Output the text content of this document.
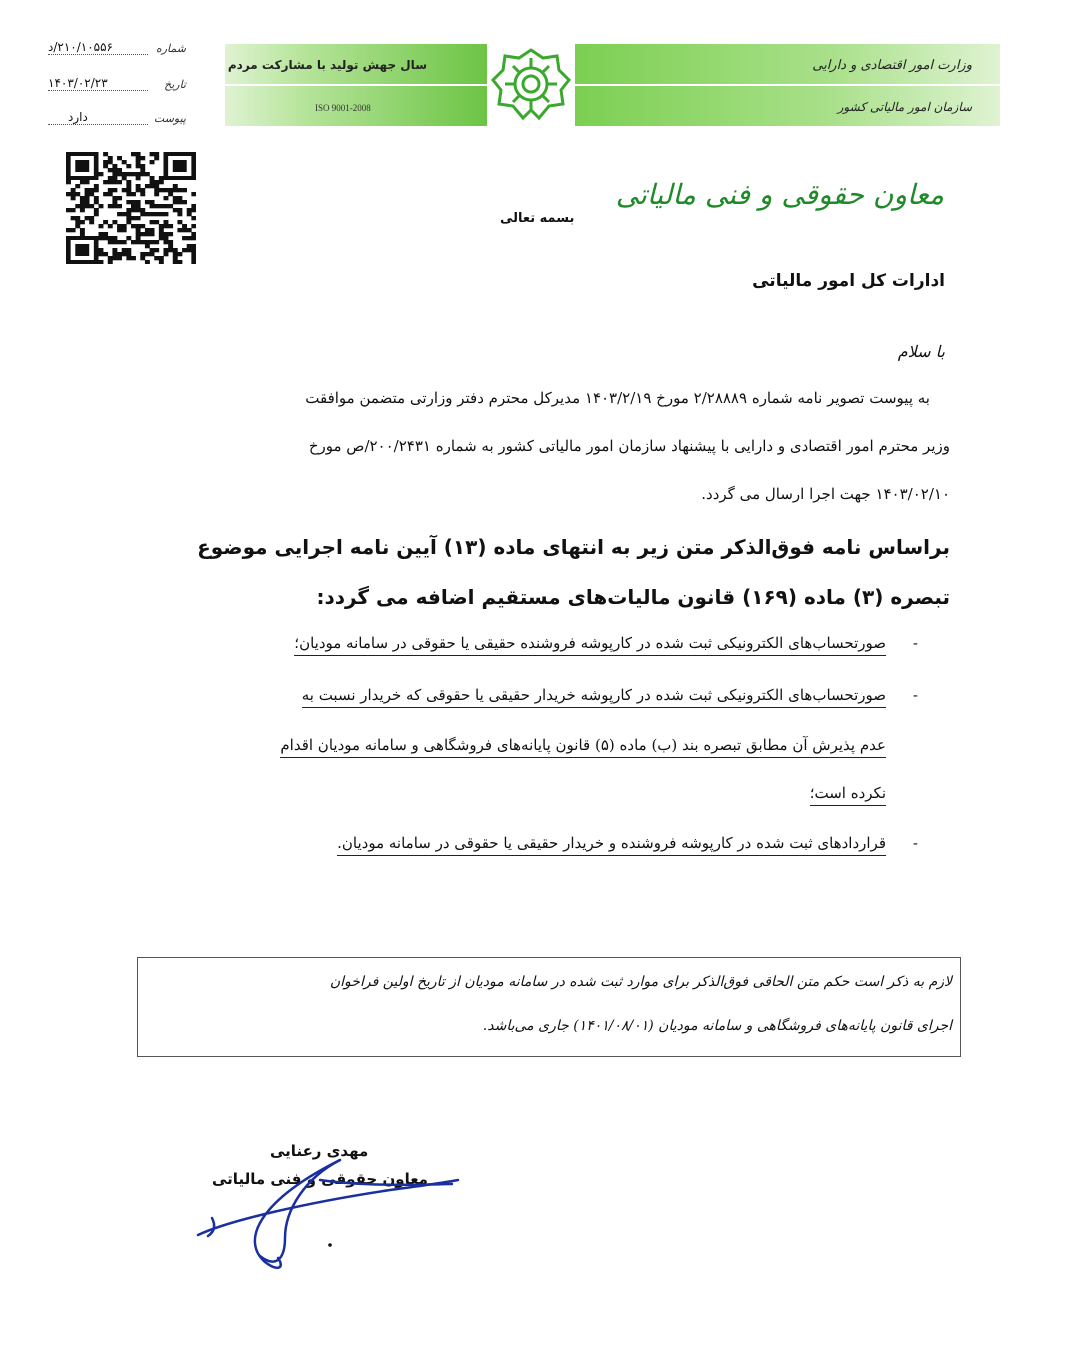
وزارت امور اقتصادی و دارایی
سازمان امور مالیاتی کشور
سال جهش تولید با مشارکت مردم
ISO 9001-2008
شماره
۲۱۰/۱۰۵۵۶/د
تاریخ
۱۴۰۳/۰۲/۲۳
پیوست
دارد
معاون حقوقی و فنی مالیاتی
بسمه تعالی
ادارات کل امور مالیاتی
با سلام
به پیوست تصویر نامه شماره ۲/۲۸۸۸۹ مورخ ۱۴۰۳/۲/۱۹ مدیرکل محترم دفتر وزارتی متضمن موافقت
وزیر محترم امور اقتصادی و دارایی با پیشنهاد سازمان امور مالیاتی کشور به شماره ۲۰۰/۲۴۳۱/ص مورخ
۱۴۰۳/۰۲/۱۰ جهت اجرا ارسال می گردد.
براساس نامه فوق‌الذکر متن زیر به انتهای ماده (۱۳) آیین نامه اجرایی موضوع
تبصره (۳) ماده (۱۶۹) قانون مالیات‌های مستقیم اضافه می گردد:
-
صورتحساب‌های الکترونیکی ثبت شده در کارپوشه فروشنده حقیقی یا حقوقی در سامانه مودیان؛
-
صورتحساب‌های الکترونیکی ثبت شده در کارپوشه خریدار حقیقی یا حقوقی که خریدار نسبت به
عدم پذیرش آن مطابق تبصره بند (ب) ماده (۵) قانون پایانه‌های فروشگاهی و سامانه مودیان اقدام
نکرده است؛
-
قراردادهای ثبت شده در کارپوشه فروشنده و خریدار حقیقی یا حقوقی در سامانه مودیان.
لازم به ذکر است حکم متن الحاقی فوق‌الذکر برای موارد ثبت شده در سامانه مودیان از تاریخ اولین فراخوان
اجرای قانون پایانه‌های فروشگاهی و سامانه مودیان (۱۴۰۱/۰۸/۰۱) جاری می‌باشد.
مهدی رعنایی
معاون حقوقی و فنی مالیاتی
